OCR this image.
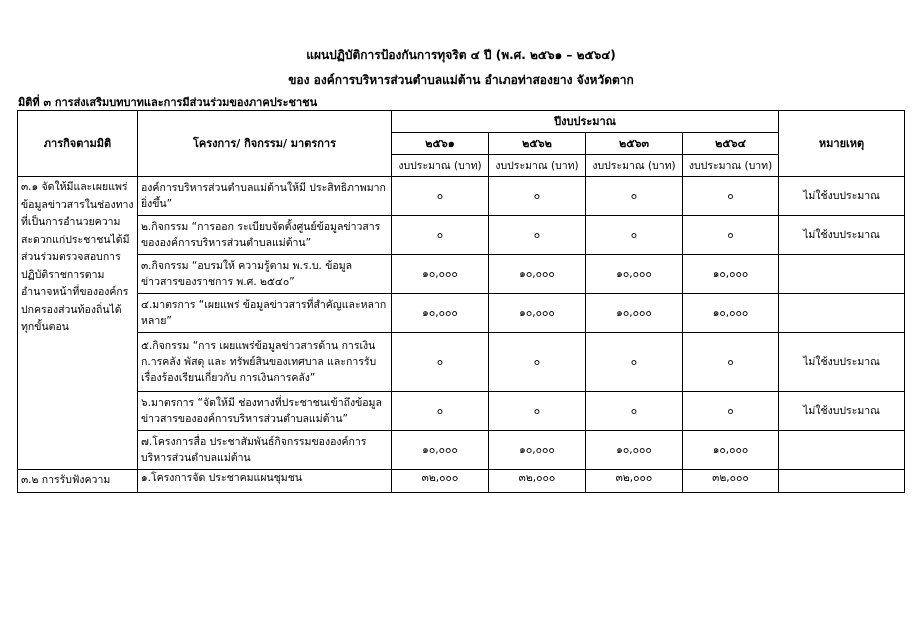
แผนปฏิบัติการป้องกันการทุจริต ๔ ปี (พ.ศ. ๒๕๖๑ – ๒๕๖๔)
ของ องค์การบริหารส่วนตำบลแม่ต้าน อำเภอท่าสองยาง จังหวัดตาก
มิติที่ ๓ การส่งเสริมบทบาทและการมีส่วนร่วมของภาคประชาชน
ภารกิจตามมิติ	โครงการ/ กิจกรรม/ มาตรการ	ปีงบประมาณ				หมายเหตุ
		๒๕๖๑	๒๕๖๒	๒๕๖๓	๒๕๖๔	
		งบประมาณ (บาท)	งบประมาณ (บาท)	งบประมาณ (บาท)	งบประมาณ (บาท)	
๓.๑ จัดให้มีและเผยแพร่ข้อมูลข่าวสารในช่องทางที่เป็นการอำนวยความสะดวกแก่ประชาชนได้มีส่วนร่วมตรวจสอบการปฏิบัติราชการตามอำนาจหน้าที่ขององค์กรปกครองส่วนท้องถิ่นได้ทุกขั้นตอน	องค์การบริหารส่วนตำบลแม่ต้านให้มี ประสิทธิภาพมากยิ่งขึ้น”	๐	๐	๐	๐	ไม่ใช้งบประมาณ
	๒.กิจกรรม “การออก ระเบียบจัดตั้งศูนย์ข้อมูลข่าวสารขององค์การบริหารส่วนตำบลแม่ต้าน”	๐	๐	๐	๐	ไม่ใช้งบประมาณ
	๓.กิจกรรม “อบรมให้ ความรู้ตาม พ.ร.บ. ข้อมูลข่าวสารของราชการ พ.ศ. ๒๕๔๐”	๑๐,๐๐๐	๑๐,๐๐๐	๑๐,๐๐๐	๑๐,๐๐๐	
	๔.มาตรการ “เผยแพร่ ข้อมูลข่าวสารที่สำคัญและหลากหลาย”	๑๐,๐๐๐	๑๐,๐๐๐	๑๐,๐๐๐	๑๐,๐๐๐	
	๕.กิจกรรม “การ เผยแพร่ข้อมูลข่าวสารด้าน การเงิน ก.ารคลัง พัสดุ และ ทรัพย์สินของเทศบาล และการรับเรื่องร้องเรียนเกี่ยวกับ การเงินการคลัง”	๐	๐	๐	๐	ไม่ใช้งบประมาณ
	๖.มาตรการ “จัดให้มี ช่องทางที่ประชาชนเข้าถึงข้อมูลข่าวสารขององค์การบริหารส่วนตำบลแม่ต้าน”	๐	๐	๐	๐	ไม่ใช้งบประมาณ
	๗.โครงการสื่อ ประชาสัมพันธ์กิจกรรมขององค์การบริหารส่วนตำบลแม่ต้าน	๑๐,๐๐๐	๑๐,๐๐๐	๑๐,๐๐๐	๑๐,๐๐๐	
๓.๒ การรับฟังความ	๑.โครงการจัด ประชาคมแผนชุมชน	๓๒,๐๐๐	๓๒,๐๐๐	๓๒,๐๐๐	๓๒,๐๐๐	
